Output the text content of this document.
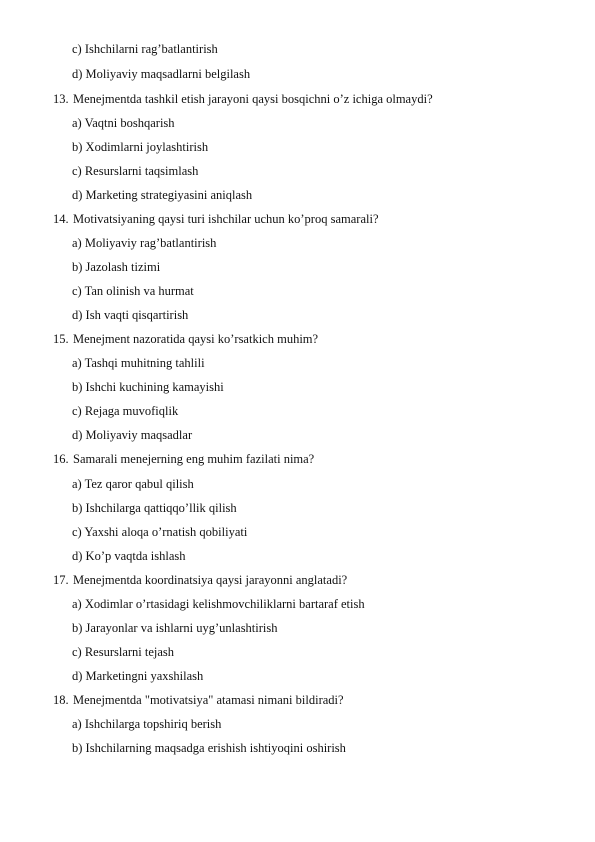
c) Ishchilarni rag’batlantirish
d) Moliyaviy maqsadlarni belgilash
13. Menejmentda tashkil etish jarayoni qaysi bosqichni o’z ichiga olmaydi?
a) Vaqtni boshqarish
b) Xodimlarni joylashtirish
c) Resurslarni taqsimlash
d) Marketing strategiyasini aniqlash
14. Motivatsiyaning qaysi turi ishchilar uchun ko’proq samarali?
a) Moliyaviy rag’batlantirish
b) Jazolash tizimi
c) Tan olinish va hurmat
d) Ish vaqti qisqartirish
15. Menejment nazoratida qaysi ko’rsatkich muhim?
a) Tashqi muhitning tahlili
b) Ishchi kuchining kamayishi
c) Rejaga muvofiqlik
d) Moliyaviy maqsadlar
16. Samarali menejerning eng muhim fazilati nima?
a) Tez qaror qabul qilish
b) Ishchilarga qattiqqo’llik qilish
c) Yaxshi aloqa o’rnatish qobiliyati
d) Ko’p vaqtda ishlash
17. Menejmentda koordinatsiya qaysi jarayonni anglatadi?
a) Xodimlar o’rtasidagi kelishmovchiliklarni bartaraf etish
b) Jarayonlar va ishlarni uyg’unlashtirish
c) Resurslarni tejash
d) Marketingni yaxshilash
18. Menejmentda "motivatsiya" atamasi nimani bildiradi?
a) Ishchilarga topshiriq berish
b) Ishchilarning maqsadga erishish ishtiyoqini oshirish
